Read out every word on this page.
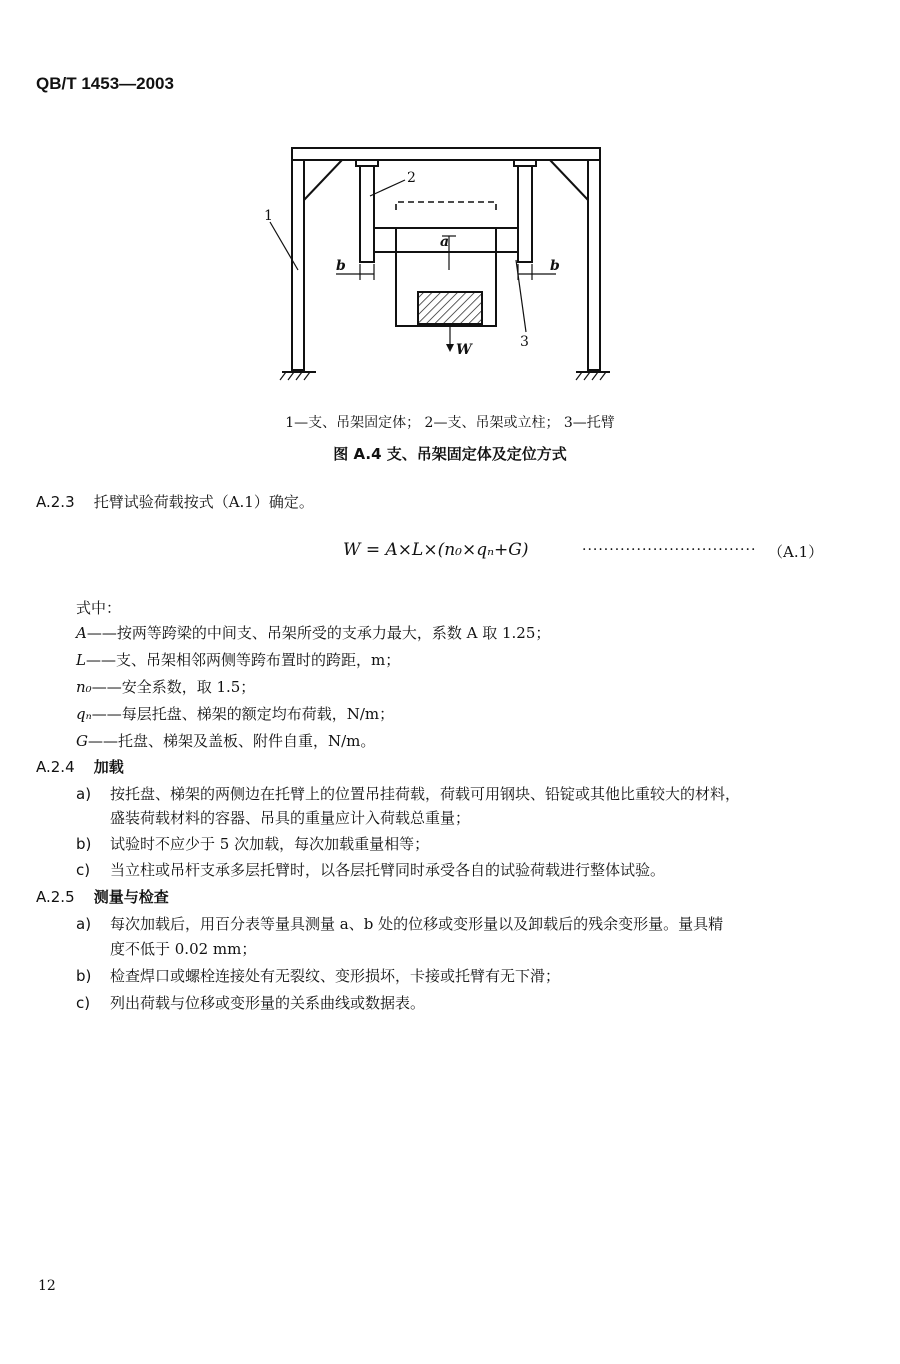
QB/T 1453—2003
1
2
3
a
b	b
W
1—支、吊架固定体； 2—支、吊架或立柱； 3—托臂
图 A.4 支、吊架固定体及定位方式
A.2.3 托臂试验荷载按式（A.1）确定。
W = A×L×(n₀×qₙ+G)	································ （A.1）
式中：
A——按两等跨梁的中间支、吊架所受的支承力最大，系数 A 取 1.25；
L——支、吊架相邻两侧等跨布置时的跨距，m；
n₀——安全系数，取 1.5；
qₙ——每层托盘、梯架的额定均布荷载，N/m；
G——托盘、梯架及盖板、附件自重，N/m。
A.2.4 加载
a) 按托盘、梯架的两侧边在托臂上的位置吊挂荷载，荷载可用钢块、铅锭或其他比重较大的材料，
盛装荷载材料的容器、吊具的重量应计入荷载总重量；
b) 试验时不应少于 5 次加载，每次加载重量相等；
c) 当立柱或吊杆支承多层托臂时，以各层托臂同时承受各自的试验荷载进行整体试验。
A.2.5 测量与检查
a) 每次加载后，用百分表等量具测量 a、b 处的位移或变形量以及卸载后的残余变形量。量具精
度不低于 0.02 mm；
b) 检查焊口或螺栓连接处有无裂纹、变形损坏，卡接或托臂有无下滑；
c) 列出荷载与位移或变形量的关系曲线或数据表。
12
